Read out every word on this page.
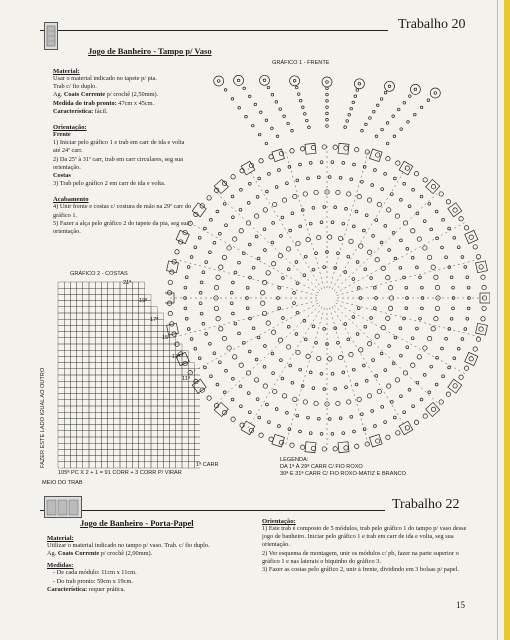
Trabalho 20
Jogo de Banheiro - Tampo p/ Vaso
Material:
Usar o material indicado no tapete p/ pia.
Trab c/ fio duplo.
Ag. Coats Corrente p/ crochê (2,50mm).
Medida do trab pronto: 47cm x 45cm.
Característica: fácil.
Orientação:
Frente
1) Iniciar pelo gráfico 1 e trab em carr de ida e volta até 24ª carr.
2) Da 25ª à 31ª carr, trab em carr circulares, seg sua orientação.
Costas
3) Trab pelo gráfico 2 em carr de ida e volta.
Acabamento
4) Unir frente e costas c/ costura de mão na 29ª carr do gráfico 1.
5) Fazer a alça pelo gráfico 2 do tapete da pia, seg sua orientação.
GRÁFICO 1 - FRENTE
LEGENDA:
DA 1ª À 29ª CARR C/ FIO ROXO
30ª E 31ª CARR C/ FIO ROXO-MATIZ E BRANCO
GRÁFICO 2 - COSTAS
FAZER ESTE LADO IGUAL AO OUTRO
21ª
19ª
17ª
15ª
13ª
11ª
1ª CARR
105ª PC X 2 + 1 = 91 CORR + 3 CORR P/ VIRAR
MEIO DO TRAB
Trabalho 22
Jogo de Banheiro - Porta-Papel
Material:
Utilizar o material indicado no tampo p/ vaso. Trab. c/ fio duplo.
Ag. Coats Corrente p/ crochê (2,00mm).
Medidas:
- De cada módulo: 11cm x 11cm.
- Do trab pronto: 59cm x 19cm.
Característica: requer prática.
Orientação:
1) Este trab é composto de 5 módulos, trab pelo gráfico 1 do tampo p/ vaso desse jogo de banheiro. Iniciar pelo gráfico 1 e trab em carr de ida e volta, seg sua orientação.
2) Ver esquema de montagem, unir os módulos c/ pb, fazer na parte superior o gráfico 1 e nas laterais o biquinho do gráfico 3.
3) Fazer as costas pelo gráfico 2, unir à frente, dividindo em 3 bolsas p/ papel.
15
